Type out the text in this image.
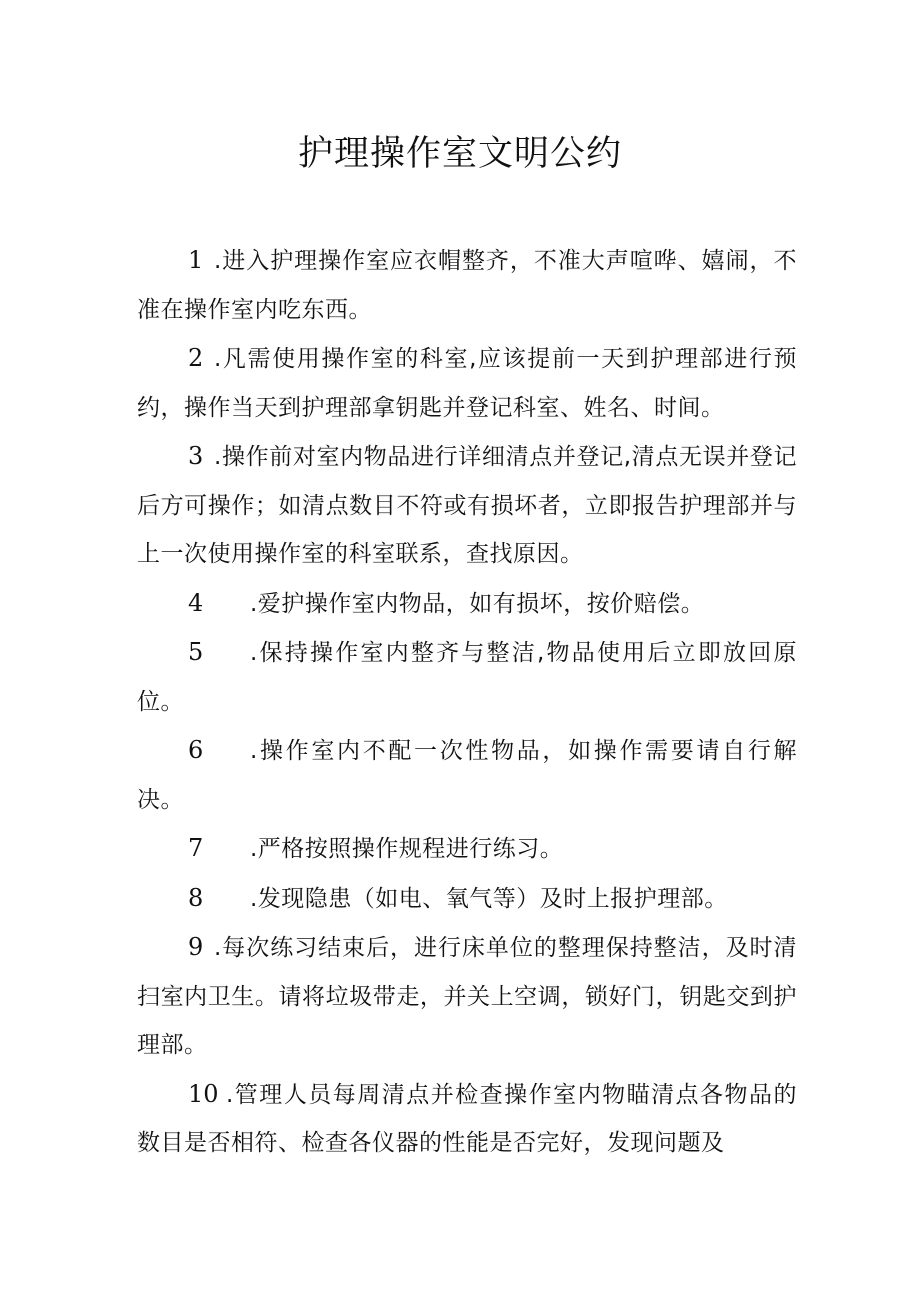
护理操作室文明公约
1 .进入护理操作室应衣帽整齐，不准大声喧哗、嬉闹，不准在操作室内吃东西。
2 .凡需使用操作室的科室,应该提前一天到护理部进行预约，操作当天到护理部拿钥匙并登记科室、姓名、时间。
3 .操作前对室内物品进行详细清点并登记,清点无误并登记后方可操作；如清点数目不符或有损坏者，立即报告护理部并与上一次使用操作室的科室联系，查找原因。
4 .爱护操作室内物品，如有损坏，按价赔偿。
5 .保持操作室内整齐与整洁,物品使用后立即放回原位。
6 .操作室内不配一次性物品，如操作需要请自行解决。
7 .严格按照操作规程进行练习。
8 .发现隐患（如电、氧气等）及时上报护理部。
9 .每次练习结束后，进行床单位的整理保持整洁，及时清扫室内卫生。请将垃圾带走，并关上空调，锁好门，钥匙交到护理部。
10 .管理人员每周清点并检查操作室内物瞄清点各物品的数目是否相符、检查各仪器的性能是否完好，发现问题及
